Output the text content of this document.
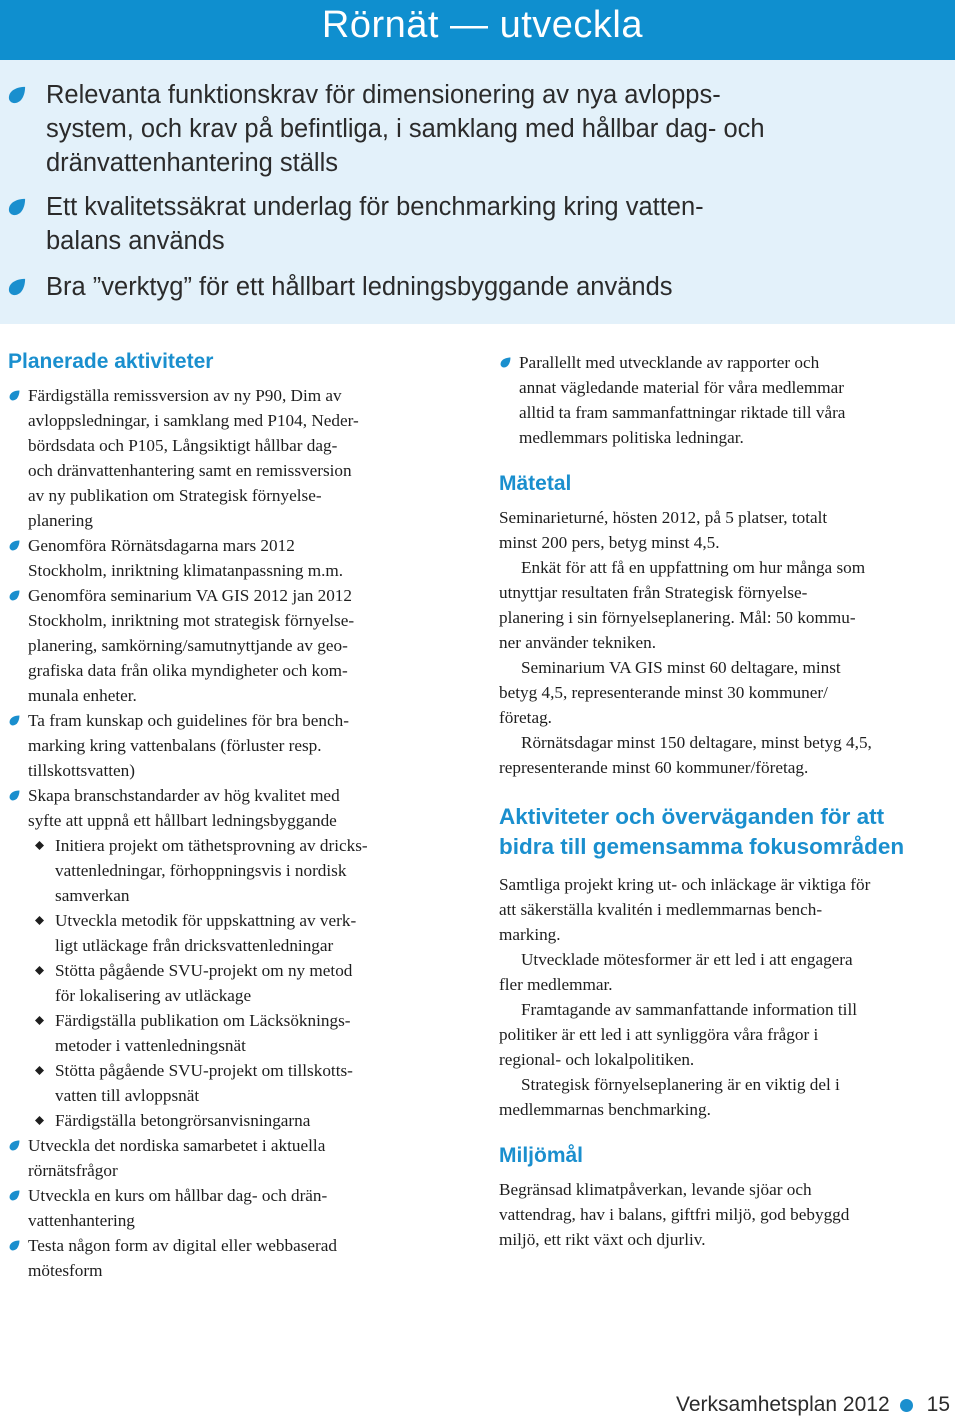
Rörnät — utveckla
Relevanta funktionskrav för dimensionering av nya avlopps-
system, och krav på befintliga, i samklang med hållbar dag- och
dränvattenhantering ställs
Ett kvalitetssäkrat underlag för benchmarking kring vatten-
balans används
Bra ”verktyg” för ett hållbart ledningsbyggande används
Planerade aktiviteter
Färdigställa remissversion av ny P90, Dim av
avloppsledningar, i samklang med P104, Neder-
bördsdata och P105, Långsiktigt hållbar dag-
och dränvattenhantering samt en remissversion
av ny publikation om Strategisk förnyelse-
planering
Genomföra Rörnätsdagarna mars 2012
Stockholm, inriktning klimatanpassning m.m.
Genomföra seminarium VA GIS 2012 jan 2012
Stockholm, inriktning mot strategisk förnyelse-
planering, samkörning/samutnyttjande av geo-
grafiska data från olika myndigheter och kom-
munala enheter.
Ta fram kunskap och guidelines för bra bench-
marking kring vattenbalans (förluster resp.
tillskottsvatten)
Skapa branschstandarder av hög kvalitet med
syfte att uppnå ett hållbart ledningsbyggande
Initiera projekt om täthetsprovning av dricks-
vattenledningar, förhoppningsvis i nordisk
samverkan
Utveckla metodik för uppskattning av verk-
ligt utläckage från dricksvattenledningar
Stötta pågående SVU-projekt om ny metod
för lokalisering av utläckage
Färdigställa publikation om Läcksöknings-
metoder i vattenledningsnät
Stötta pågående SVU-projekt om tillskotts-
vatten till avloppsnät
Färdigställa betongrörsanvisningarna
Utveckla det nordiska samarbetet i aktuella
rörnätsfrågor
Utveckla en kurs om hållbar dag- och drän-
vattenhantering
Testa någon form av digital eller webbaserad
mötesform
Parallellt med utvecklande av rapporter och
annat vägledande material för våra medlemmar
alltid ta fram sammanfattningar riktade till våra
medlemmars politiska ledningar.
Mätetal
Seminarieturné, hösten 2012, på 5 platser, totalt
minst 200 pers, betyg minst 4,5.
Enkät för att få en uppfattning om hur många som
utnyttjar resultaten från Strategisk förnyelse-
planering i sin förnyelseplanering. Mål: 50 kommu-
ner använder tekniken.
Seminarium VA GIS minst 60 deltagare, minst
betyg 4,5, representerande minst 30 kommuner/
företag.
Rörnätsdagar minst 150 deltagare, minst betyg 4,5,
representerande minst 60 kommuner/företag.
Aktiviteter och överväganden för att
bidra till gemensamma fokusområden
Samtliga projekt kring ut- och inläckage är viktiga för
att säkerställa kvalitén i medlemmarnas bench-
marking.
Utvecklade mötesformer är ett led i att engagera
fler medlemmar.
Framtagande av sammanfattande information till
politiker är ett led i att synliggöra våra frågor i
regional- och lokalpolitiken.
Strategisk förnyelseplanering är en viktig del i
medlemmarnas benchmarking.
Miljömål
Begränsad klimatpåverkan, levande sjöar och
vattendrag, hav i balans, giftfri miljö, god bebyggd
miljö, ett rikt växt och djurliv.
Verksamhetsplan 2012 15
